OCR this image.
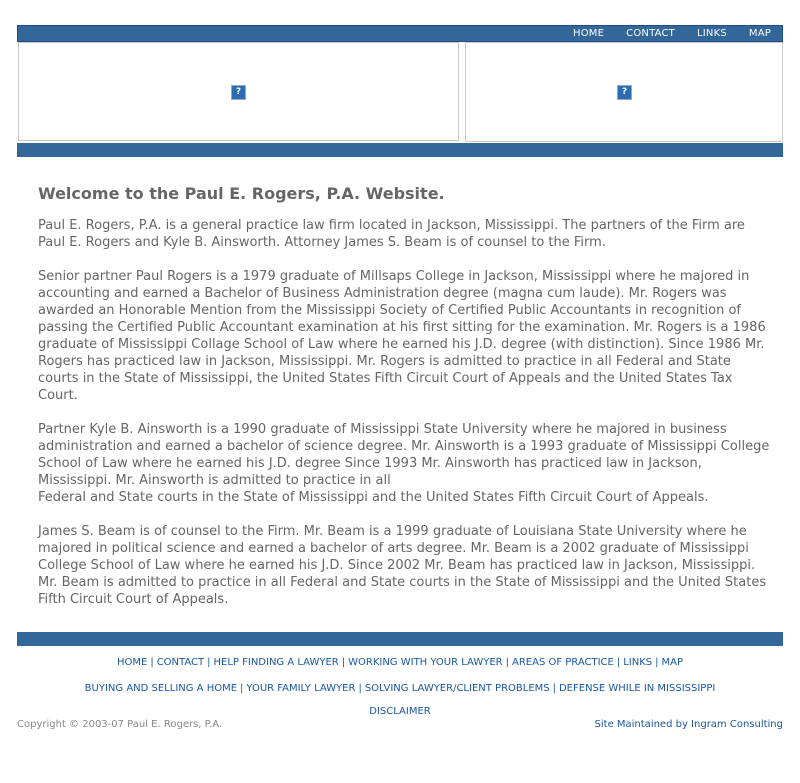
HOME CONTACT LINKS MAP
?	?
Welcome to the Paul E. Rogers, P.A. Website.

Paul E. Rogers, P.A. is a general practice law firm located in Jackson, Mississippi. The partners of the Firm are Paul E. Rogers and Kyle B. Ainsworth. Attorney James S. Beam is of counsel to the Firm.

Senior partner Paul Rogers is a 1979 graduate of Millsaps College in Jackson, Mississippi where he majored in accounting and earned a Bachelor of Business Administration degree (magna cum laude). Mr. Rogers was awarded an Honorable Mention from the Mississippi Society of Certified Public Accountants in recognition of passing the Certified Public Accountant examination at his first sitting for the examination. Mr. Rogers is a 1986 graduate of Mississippi Collage School of Law where he earned his J.D. degree (with distinction). Since 1986 Mr. Rogers has practiced law in Jackson, Mississippi. Mr. Rogers is admitted to practice in all Federal and State courts in the State of Mississippi, the United States Fifth Circuit Court of Appeals and the United States Tax Court.

Partner Kyle B. Ainsworth is a 1990 graduate of Mississippi State University where he majored in business administration and earned a bachelor of science degree. Mr. Ainsworth is a 1993 graduate of Mississippi College School of Law where he earned his J.D. degree Since 1993 Mr. Ainsworth has practiced law in Jackson, Mississippi. Mr. Ainsworth is admitted to practice in all
Federal and State courts in the State of Mississippi and the United States Fifth Circuit Court of Appeals.

James S. Beam is of counsel to the Firm. Mr. Beam is a 1999 graduate of Louisiana State University where he majored in political science and earned a bachelor of arts degree. Mr. Beam is a 2002 graduate of Mississippi College School of Law where he earned his J.D. Since 2002 Mr. Beam has practiced law in Jackson, Mississippi. Mr. Beam is admitted to practice in all Federal and State courts in the State of Mississippi and the United States Fifth Circuit Court of Appeals.

HOME | CONTACT | HELP FINDING A LAWYER | WORKING WITH YOUR LAWYER | AREAS OF PRACTICE | LINKS | MAP
BUYING AND SELLING A HOME | YOUR FAMILY LAWYER | SOLVING LAWYER/CLIENT PROBLEMS | DEFENSE WHILE IN MISSISSIPPI
DISCLAIMER
Copyright © 2003-07 Paul E. Rogers, P.A.	Site Maintained by Ingram Consulting
